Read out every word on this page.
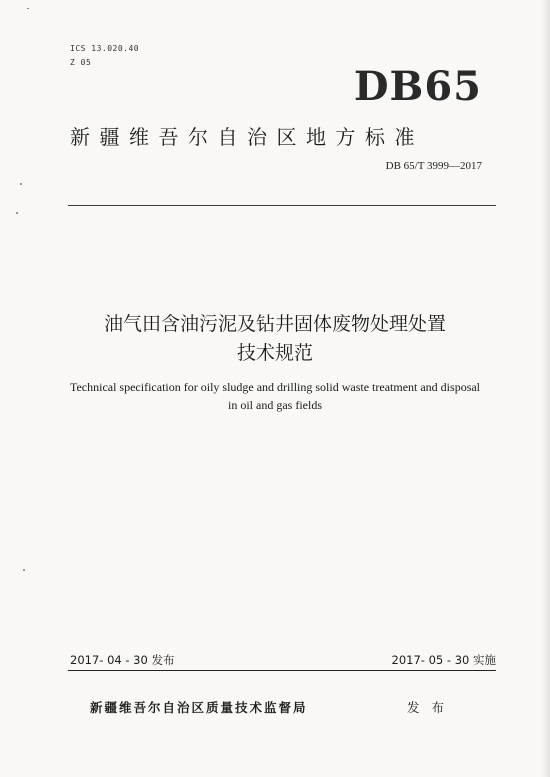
ICS 13.020.40
Z 05
DB65
新疆维吾尔自治区地方标准
DB 65/T 3999—2017
油气田含油污泥及钻井固体废物处理处置
技术规范
Technical specification for oily sludge and drilling solid waste treatment and disposal
in oil and gas fields
2017- 04 - 30 发布	2017- 05 - 30 实施
新疆维吾尔自治区质量技术监督局	发 布
